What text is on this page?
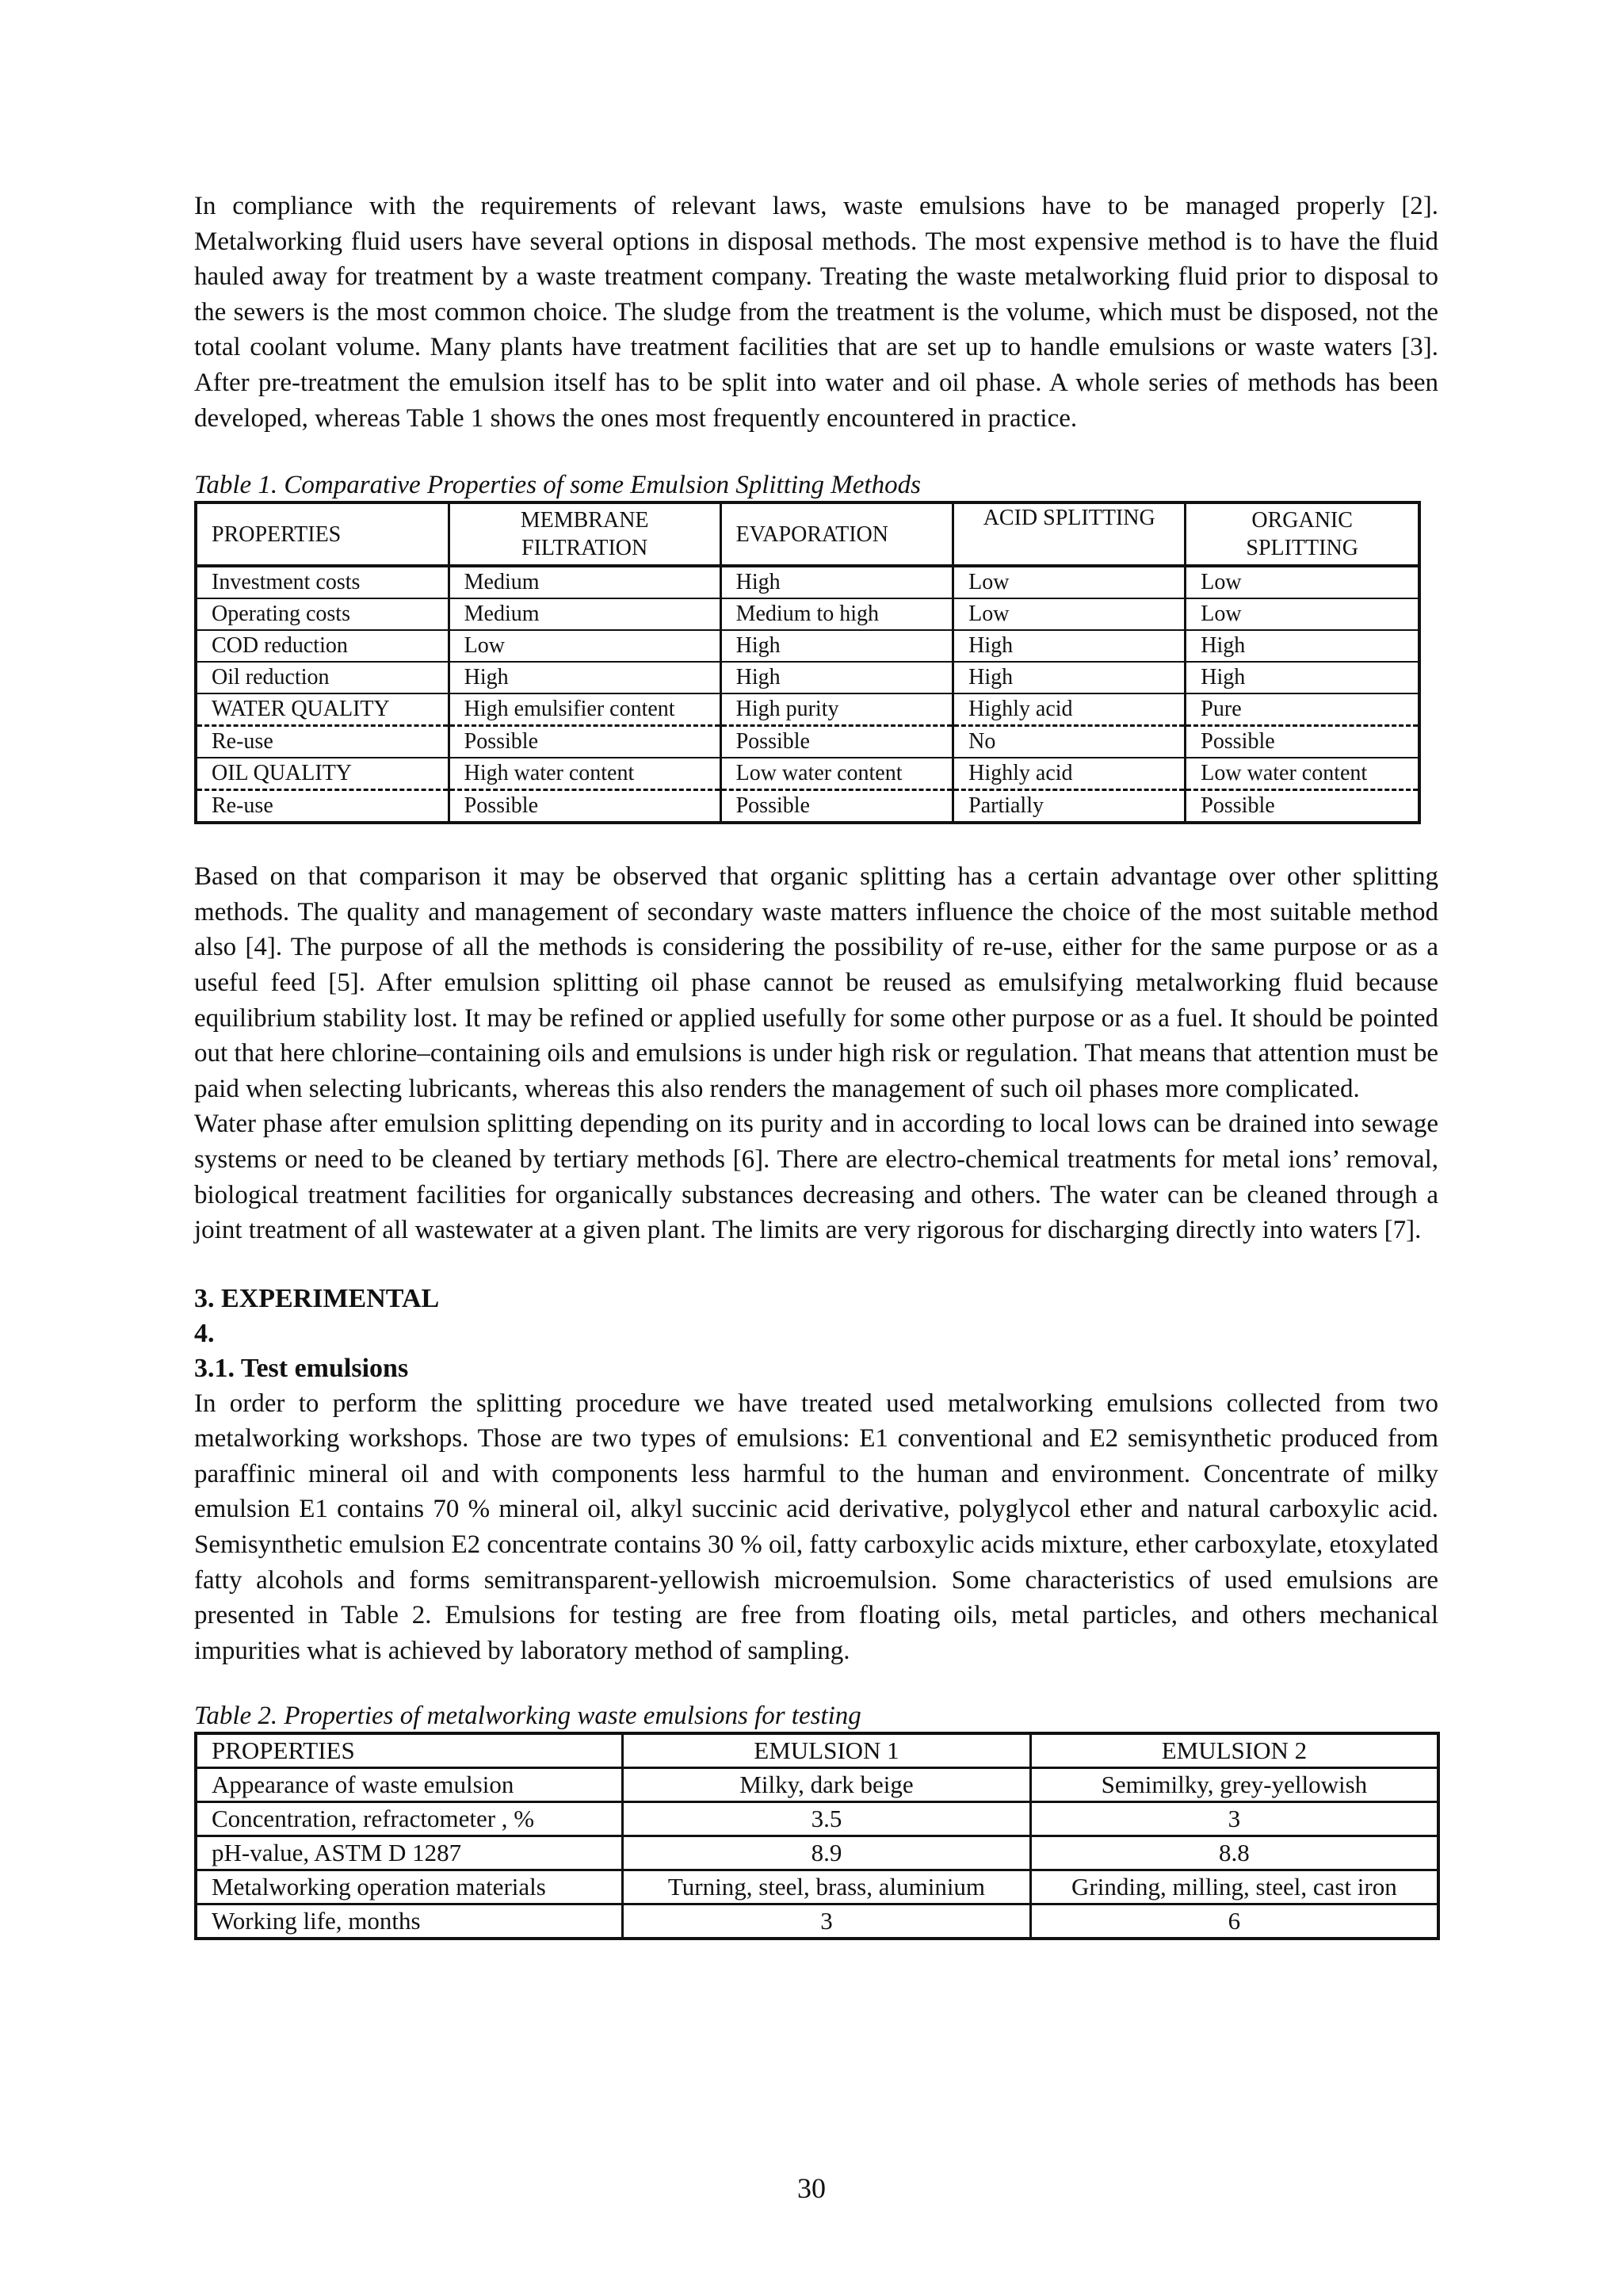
In compliance with the requirements of relevant laws, waste emulsions have to be managed properly [2]. Metalworking fluid users have several options in disposal methods. The most expensive method is to have the fluid hauled away for treatment by a waste treatment company. Treating the waste metalworking fluid prior to disposal to the sewers is the most common choice. The sludge from the treatment is the volume, which must be disposed, not the total coolant volume. Many plants have treatment facilities that are set up to handle emulsions or waste waters [3]. After pre-treatment the emulsion itself has to be split into water and oil phase. A whole series of methods has been developed, whereas Table 1 shows the ones most frequently encountered in practice.

Table 1. Comparative Properties of some Emulsion Splitting Methods

PROPERTIES	MEMBRANE FILTRATION	EVAPORATION	ACID SPLITTING	ORGANIC SPLITTING
Investment costs	Medium	High	Low	Low
Operating costs	Medium	Medium to high	Low	Low
COD reduction	Low	High	High	High
Oil reduction	High	High	High	High
WATER QUALITY	High emulsifier content	High purity	Highly acid	Pure
Re-use	Possible	Possible	No	Possible
OIL QUALITY	High water content	Low water content	Highly acid	Low water content
Re-use	Possible	Possible	Partially	Possible

Based on that comparison it may be observed that organic splitting has a certain advantage over other splitting methods. The quality and management of secondary waste matters influence the choice of the most suitable method also [4]. The purpose of all the methods is considering the possibility of re-use, either for the same purpose or as a useful feed [5]. After emulsion splitting oil phase cannot be reused as emulsifying metalworking fluid because equilibrium stability lost. It may be refined or applied usefully for some other purpose or as a fuel. It should be pointed out that here chlorine–containing oils and emulsions is under high risk or regulation. That means that attention must be paid when selecting lubricants, whereas this also renders the management of such oil phases more complicated.

Water phase after emulsion splitting depending on its purity and in according to local lows can be drained into sewage systems or need to be cleaned by tertiary methods [6]. There are electro-chemical treatments for metal ions’ removal, biological treatment facilities for organically substances decreasing and others. The water can be cleaned through a joint treatment of all wastewater at a given plant. The limits are very rigorous for discharging directly into waters [7].

3. EXPERIMENTAL

4.

3.1. Test emulsions

In order to perform the splitting procedure we have treated used metalworking emulsions collected from two metalworking workshops. Those are two types of emulsions: E1 conventional and E2 semisynthetic produced from paraffinic mineral oil and with components less harmful to the human and environment. Concentrate of milky emulsion E1 contains 70 % mineral oil, alkyl succinic acid derivative, polyglycol ether and natural carboxylic acid. Semisynthetic emulsion E2 concentrate contains 30 % oil, fatty carboxylic acids mixture, ether carboxylate, etoxylated fatty alcohols and forms semitransparent-yellowish microemulsion. Some characteristics of used emulsions are presented in Table 2. Emulsions for testing are free from floating oils, metal particles, and others mechanical impurities what is achieved by laboratory method of sampling.

Table 2. Properties of metalworking waste emulsions for testing

PROPERTIES	EMULSION 1	EMULSION 2
Appearance of waste emulsion	Milky, dark beige	Semimilky, grey-yellowish
Concentration, refractometer , %	3.5	3
pH-value, ASTM D 1287	8.9	8.8
Metalworking operation materials	Turning, steel, brass, aluminium	Grinding, milling, steel, cast iron
Working life, months	3	6
30
